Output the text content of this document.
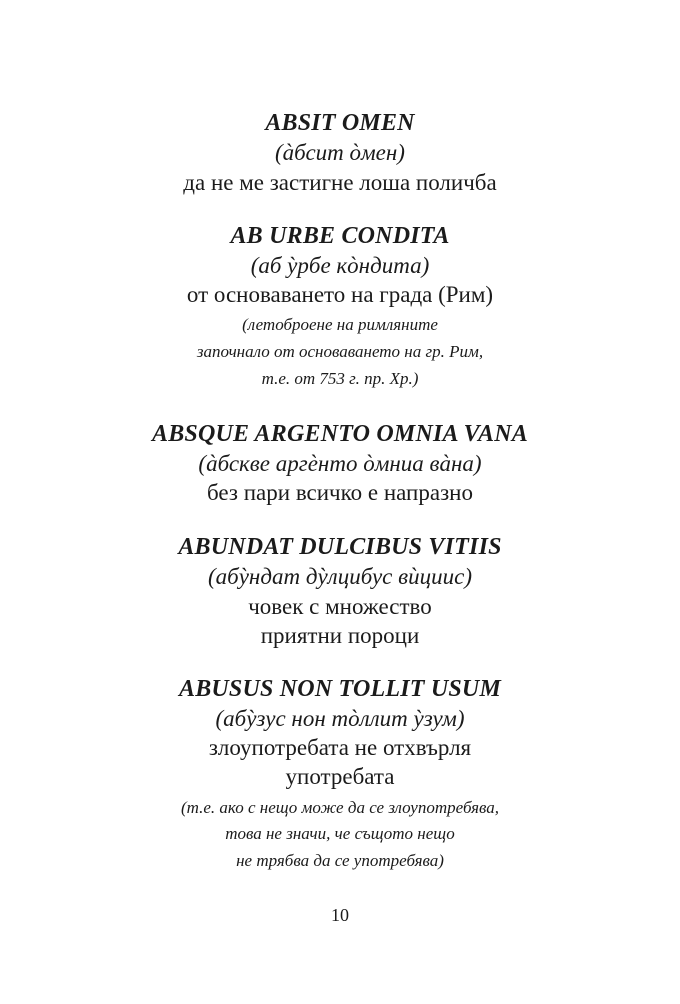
ABSIT OMEN
(àбсит òмен)
да не ме застигне лоша поличба
AB URBE CONDITA
(аб ỳрбе кòндита)
от основаването на града (Рим)
(летоброене на римляните
започнало от основаването на гр. Рим,
т.е. от 753 г. пр. Хр.)
ABSQUE ARGENTO OMNIA VANA
(àбскве аргèнто òмниа вàна)
без пари всичко е напразно
ABUNDAT DULCIBUS VITIIS
(абỳндат дỳлцибус вѝциис)
човек с множество
приятни пороци
ABUSUS NON TOLLIT USUM
(абỳзус нон тòллит ỳзум)
злоупотребата не отхвърля
употребата
(т.е. ако с нещо може да се злоупотребява,
това не значи, че същото нещо
не трябва да се употребява)
10
